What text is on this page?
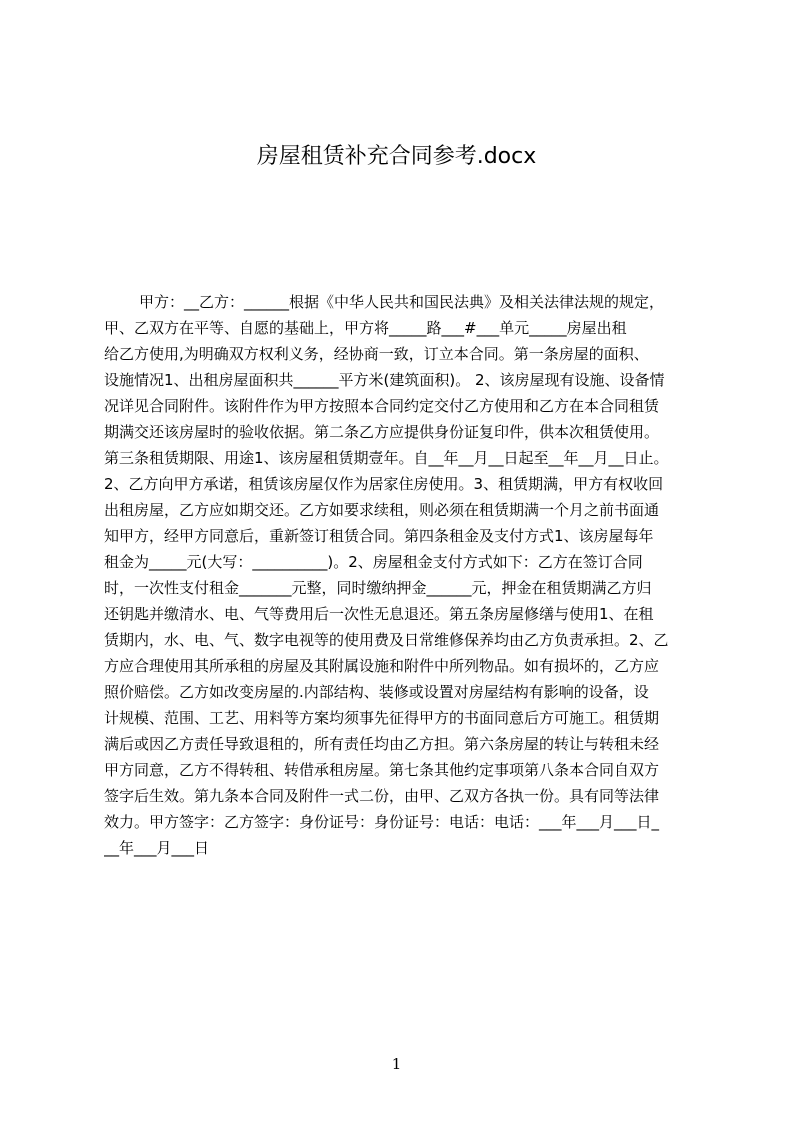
房屋租赁补充合同参考.docx
甲方：__乙方：______根据《中华人民共和国民法典》及相关法律法规的规定，
甲、乙双方在平等、自愿的基础上，甲方将_____路___#___单元_____房屋出租
给乙方使用,为明确双方权利义务，经协商一致，订立本合同。第一条房屋的面积、
设施情况1、出租房屋面积共______平方米(建筑面积)。 2、该房屋现有设施、设备情
况详见合同附件。该附件作为甲方按照本合同约定交付乙方使用和乙方在本合同租赁
期满交还该房屋时的验收依据。第二条乙方应提供身份证复印件，供本次租赁使用。
第三条租赁期限、用途1、该房屋租赁期壹年。自__年__月__日起至__年__月__日止。
2、乙方向甲方承诺，租赁该房屋仅作为居家住房使用。3、租赁期满，甲方有权收回
出租房屋，乙方应如期交还。乙方如要求续租，则必须在租赁期满一个月之前书面通
知甲方，经甲方同意后，重新签订租赁合同。第四条租金及支付方式1、该房屋每年
租金为_____元(大写：__________)。2、房屋租金支付方式如下：乙方在签订合同
时，一次性支付租金_______元整，同时缴纳押金______元，押金在租赁期满乙方归
还钥匙并缴清水、电、气等费用后一次性无息退还。第五条房屋修缮与使用1、在租
赁期内，水、电、气、数字电视等的使用费及日常维修保养均由乙方负责承担。2、乙
方应合理使用其所承租的房屋及其附属设施和附件中所列物品。如有损坏的，乙方应
照价赔偿。乙方如改变房屋的.内部结构、装修或设置对房屋结构有影响的设备，设
计规模、范围、工艺、用料等方案均须事先征得甲方的书面同意后方可施工。租赁期
满后或因乙方责任导致退租的，所有责任均由乙方担。第六条房屋的转让与转租未经
甲方同意，乙方不得转租、转借承租房屋。第七条其他约定事项第八条本合同自双方
签字后生效。第九条本合同及附件一式二份，由甲、乙双方各执一份。具有同等法律
效力。甲方签字：乙方签字：身份证号：身份证号：电话：电话：___年___月___日_
__年___月___日
1
